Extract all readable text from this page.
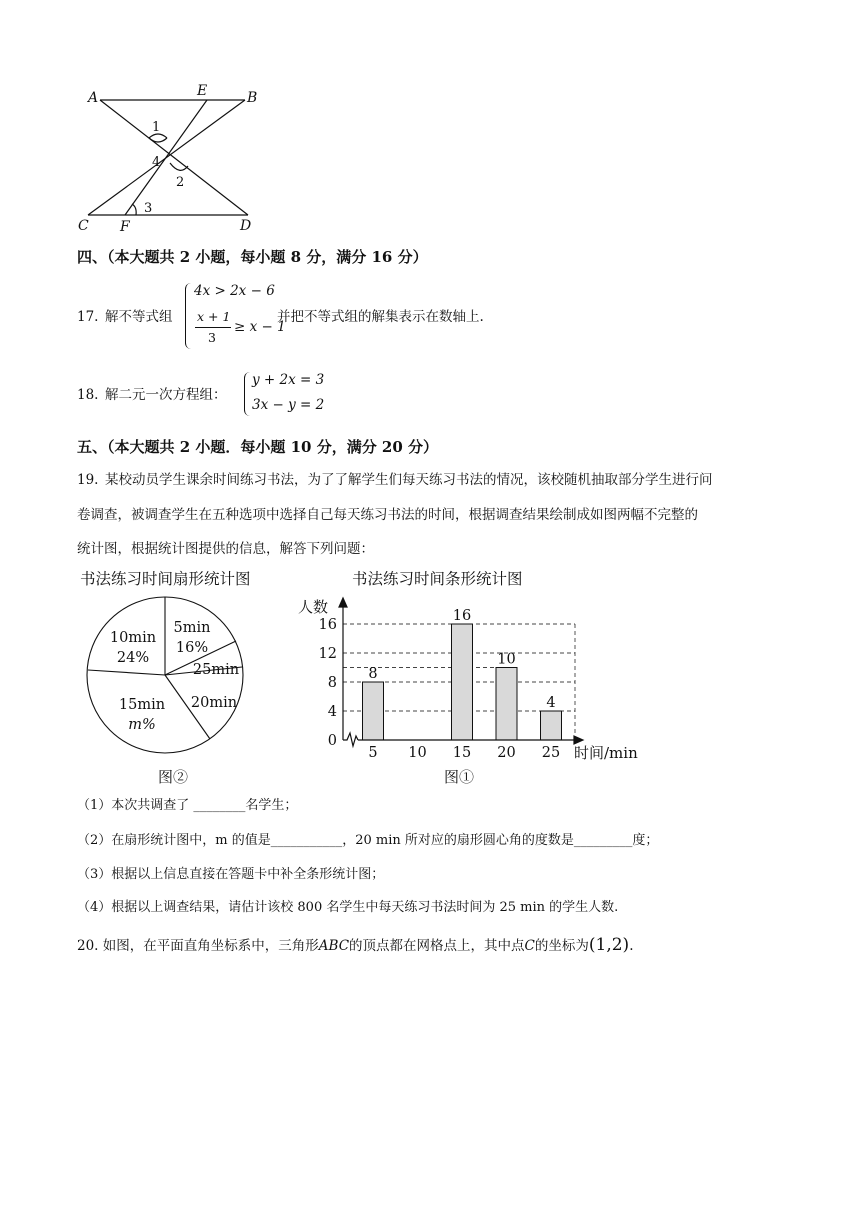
A	E	B
C F	D
1
4
2
3
四、（本大题共 2 小题，每小题 8 分，满分 16 分）
17. 解不等式组
4x > 2x − 6
x + 1
3
≥ x − 1
并把不等式组的解集表示在数轴上.
18. 解二元一次方程组：
y + 2x = 3
3x − y = 2
五、（本大题共 2 小题．每小题 10 分，满分 20 分）
19. 某校动员学生课余时间练习书法，为了了解学生们每天练习书法的情况，该校随机抽取部分学生进行问
卷调查，被调查学生在五种选项中选择自己每天练习书法的时间，根据调查结果绘制成如图两幅不完整的
统计图，根据统计图提供的信息，解答下列问题：
书法练习时间扇形统计图
10min
24%
5min
16%
25min
20min
15min
m%
图②
书法练习时间条形统计图
0
4
8
12
16
8
5 10
16
15
10
20
4
25
人数
时间/min
图①
（1）本次共调查了 ________名学生；
（2）在扇形统计图中，m 的值是___________，20 min 所对应的扇形圆心角的度数是_________度；
（3）根据以上信息直接在答题卡中补全条形统计图；
（4）根据以上调查结果，请估计该校 800 名学生中每天练习书法时间为 25 min 的学生人数.
20. 如图，在平面直角坐标系中，三角形ABC的顶点都在网格点上，其中点C的坐标为(1,2).
